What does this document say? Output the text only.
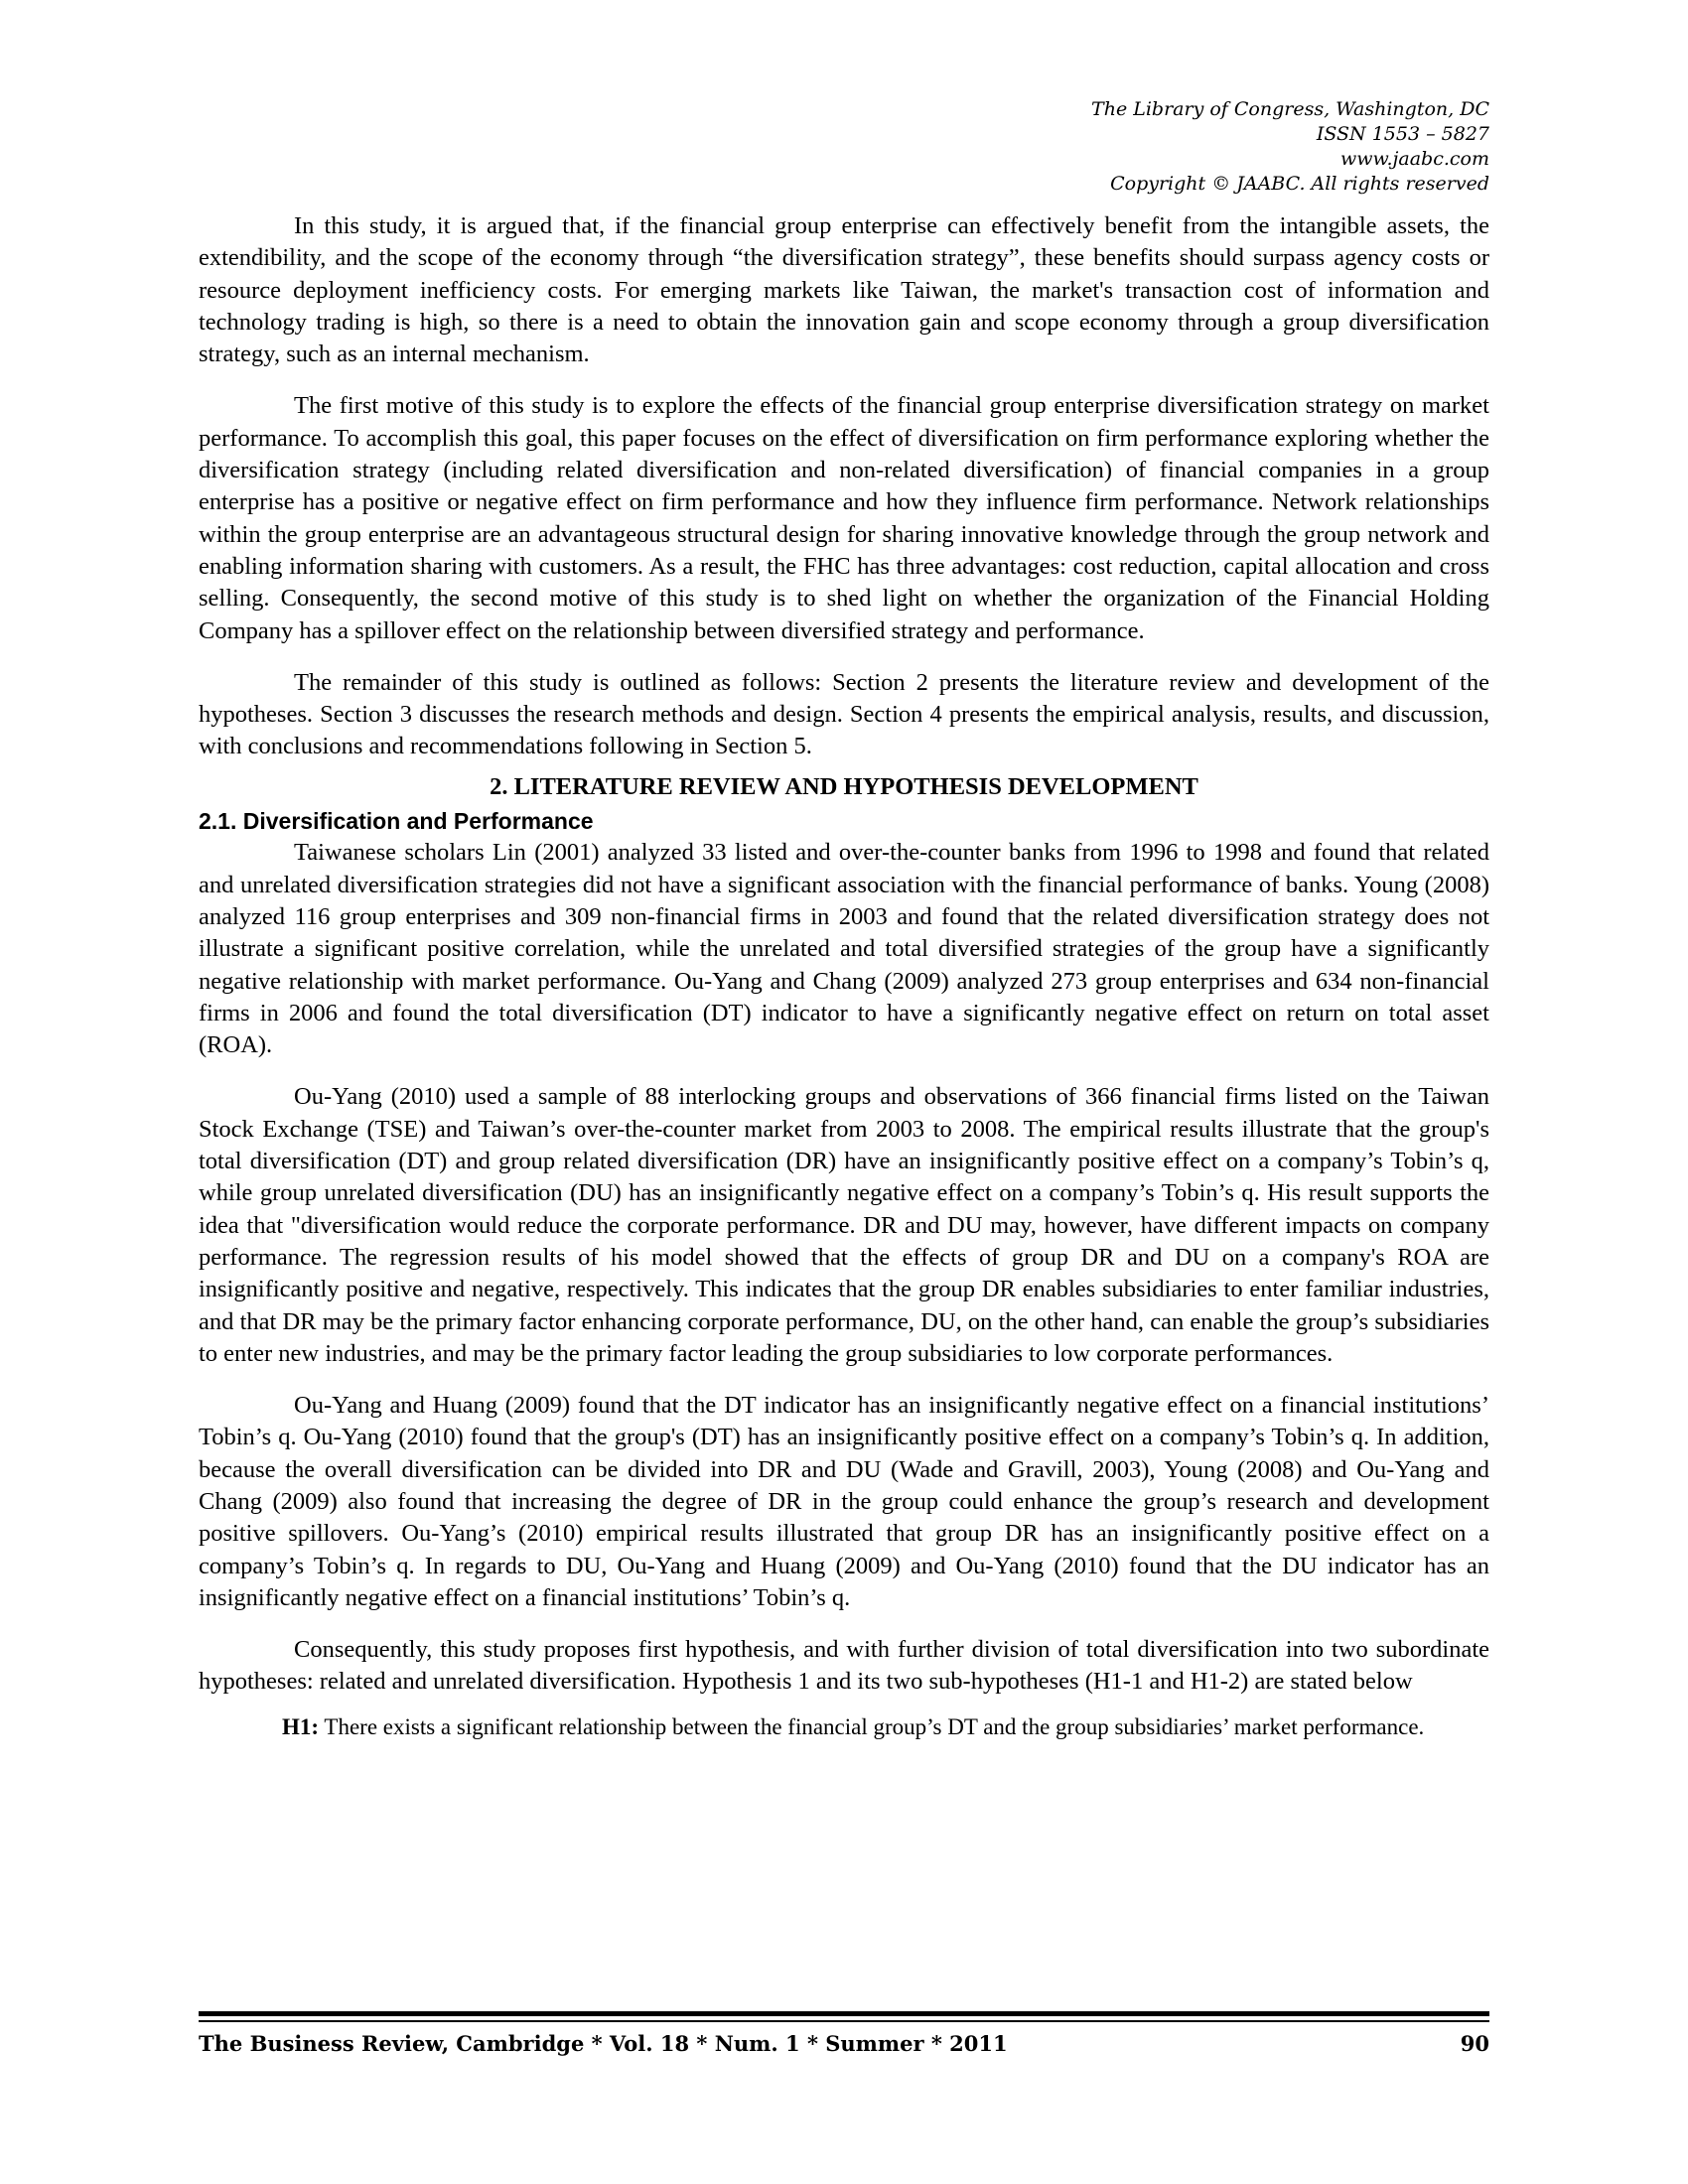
The Library of Congress, Washington, DC
ISSN 1553 – 5827
www.jaabc.com
Copyright © JAABC. All rights reserved

In this study, it is argued that, if the financial group enterprise can effectively benefit from the intangible assets, the extendibility, and the scope of the economy through “the diversification strategy”, these benefits should surpass agency costs or resource deployment inefficiency costs. For emerging markets like Taiwan, the market's transaction cost of information and technology trading is high, so there is a need to obtain the innovation gain and scope economy through a group diversification strategy, such as an internal mechanism.

The first motive of this study is to explore the effects of the financial group enterprise diversification strategy on market performance. To accomplish this goal, this paper focuses on the effect of diversification on firm performance exploring whether the diversification strategy (including related diversification and non-related diversification) of financial companies in a group enterprise has a positive or negative effect on firm performance and how they influence firm performance. Network relationships within the group enterprise are an advantageous structural design for sharing innovative knowledge through the group network and enabling information sharing with customers. As a result, the FHC has three advantages: cost reduction, capital allocation and cross selling. Consequently, the second motive of this study is to shed light on whether the organization of the Financial Holding Company has a spillover effect on the relationship between diversified strategy and performance.

The remainder of this study is outlined as follows: Section 2 presents the literature review and development of the hypotheses. Section 3 discusses the research methods and design. Section 4 presents the empirical analysis, results, and discussion, with conclusions and recommendations following in Section 5.

2. LITERATURE REVIEW AND HYPOTHESIS DEVELOPMENT
2.1. Diversification and Performance

Taiwanese scholars Lin (2001) analyzed 33 listed and over-the-counter banks from 1996 to 1998 and found that related and unrelated diversification strategies did not have a significant association with the financial performance of banks. Young (2008) analyzed 116 group enterprises and 309 non-financial firms in 2003 and found that the related diversification strategy does not illustrate a significant positive correlation, while the unrelated and total diversified strategies of the group have a significantly negative relationship with market performance. Ou-Yang and Chang (2009) analyzed 273 group enterprises and 634 non-financial firms in 2006 and found the total diversification (DT) indicator to have a significantly negative effect on return on total asset (ROA).

Ou-Yang (2010) used a sample of 88 interlocking groups and observations of 366 financial firms listed on the Taiwan Stock Exchange (TSE) and Taiwan’s over-the-counter market from 2003 to 2008. The empirical results illustrate that the group's total diversification (DT) and group related diversification (DR) have an insignificantly positive effect on a company’s Tobin’s q, while group unrelated diversification (DU) has an insignificantly negative effect on a company’s Tobin’s q. His result supports the idea that "diversification would reduce the corporate performance. DR and DU may, however, have different impacts on company performance. The regression results of his model showed that the effects of group DR and DU on a company's ROA are insignificantly positive and negative, respectively. This indicates that the group DR enables subsidiaries to enter familiar industries, and that DR may be the primary factor enhancing corporate performance, DU, on the other hand, can enable the group’s subsidiaries to enter new industries, and may be the primary factor leading the group subsidiaries to low corporate performances.

Ou-Yang and Huang (2009) found that the DT indicator has an insignificantly negative effect on a financial institutions’ Tobin’s q. Ou-Yang (2010) found that the group's (DT) has an insignificantly positive effect on a company’s Tobin’s q. In addition, because the overall diversification can be divided into DR and DU (Wade and Gravill, 2003), Young (2008) and Ou-Yang and Chang (2009) also found that increasing the degree of DR in the group could enhance the group’s research and development positive spillovers. Ou-Yang’s (2010) empirical results illustrated that group DR has an insignificantly positive effect on a company’s Tobin’s q. In regards to DU, Ou-Yang and Huang (2009) and Ou-Yang (2010) found that the DU indicator has an insignificantly negative effect on a financial institutions’ Tobin’s q.

Consequently, this study proposes first hypothesis, and with further division of total diversification into two subordinate hypotheses: related and unrelated diversification. Hypothesis 1 and its two sub-hypotheses (H1-1 and H1-2) are stated below

H1: There exists a significant relationship between the financial group’s DT and the group subsidiaries’ market performance.
The Business Review, Cambridge * Vol. 18 * Num. 1 * Summer * 2011	90
